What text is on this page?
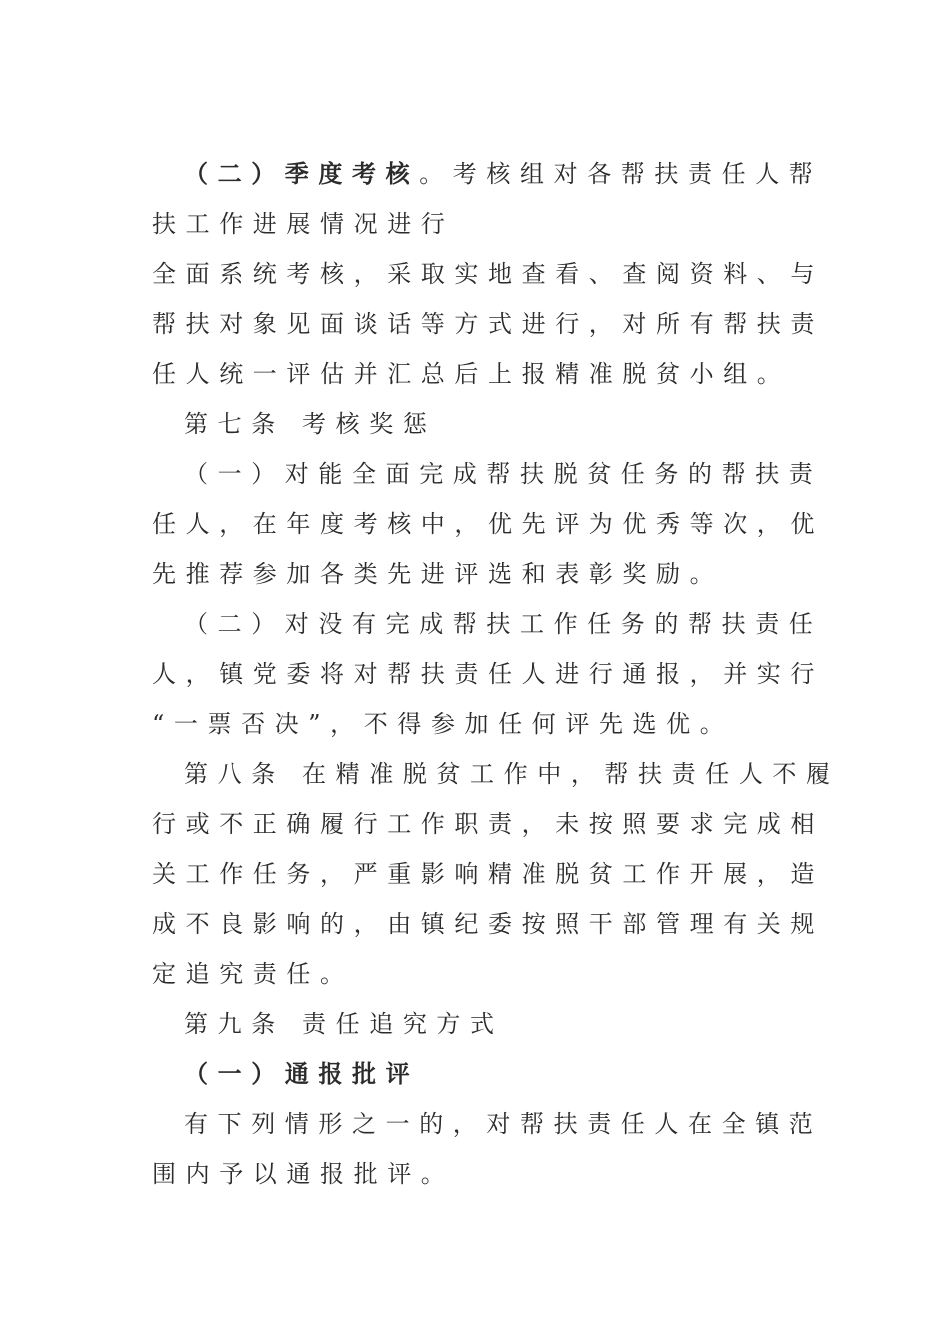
（二）季度考核。考核组对各帮扶责任人帮
扶工作进展情况进行
全面系统考核，采取实地查看、查阅资料、与
帮扶对象见面谈话等方式进行，对所有帮扶责
任人统一评估并汇总后上报精准脱贫小组。
第七条 考核奖惩
（一）对能全面完成帮扶脱贫任务的帮扶责
任人，在年度考核中，优先评为优秀等次，优
先推荐参加各类先进评选和表彰奖励。
（二）对没有完成帮扶工作任务的帮扶责任
人，镇党委将对帮扶责任人进行通报，并实行
“一票否决”，不得参加任何评先选优。
第八条 在精准脱贫工作中，帮扶责任人不履
行或不正确履行工作职责，未按照要求完成相
关工作任务，严重影响精准脱贫工作开展，造
成不良影响的，由镇纪委按照干部管理有关规
定追究责任。
第九条 责任追究方式
（一）通报批评
有下列情形之一的，对帮扶责任人在全镇范
围内予以通报批评。
